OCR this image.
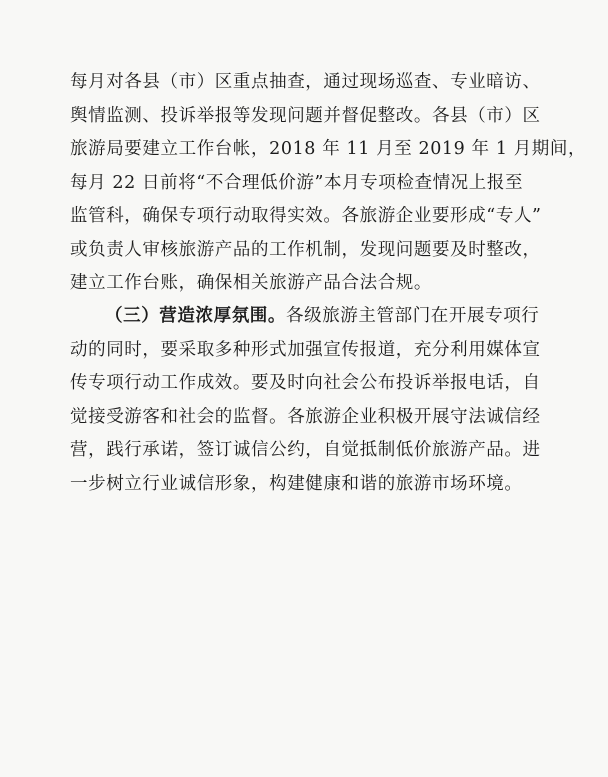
每月对各县（市）区重点抽查，通过现场巡查、专业暗访、
舆情监测、投诉举报等发现问题并督促整改。各县（市）区
旅游局要建立工作台帐，2018 年 11 月至 2019 年 1 月期间，
每月 22 日前将“不合理低价游”本月专项检查情况上报至
监管科，确保专项行动取得实效。各旅游企业要形成“专人”
或负责人审核旅游产品的工作机制，发现问题要及时整改，
建立工作台账，确保相关旅游产品合法合规。
（三）营造浓厚氛围。各级旅游主管部门在开展专项行
动的同时，要采取多种形式加强宣传报道，充分利用媒体宣
传专项行动工作成效。要及时向社会公布投诉举报电话，自
觉接受游客和社会的监督。各旅游企业积极开展守法诚信经
营，践行承诺，签订诚信公约，自觉抵制低价旅游产品。进
一步树立行业诚信形象，构建健康和谐的旅游市场环境。
